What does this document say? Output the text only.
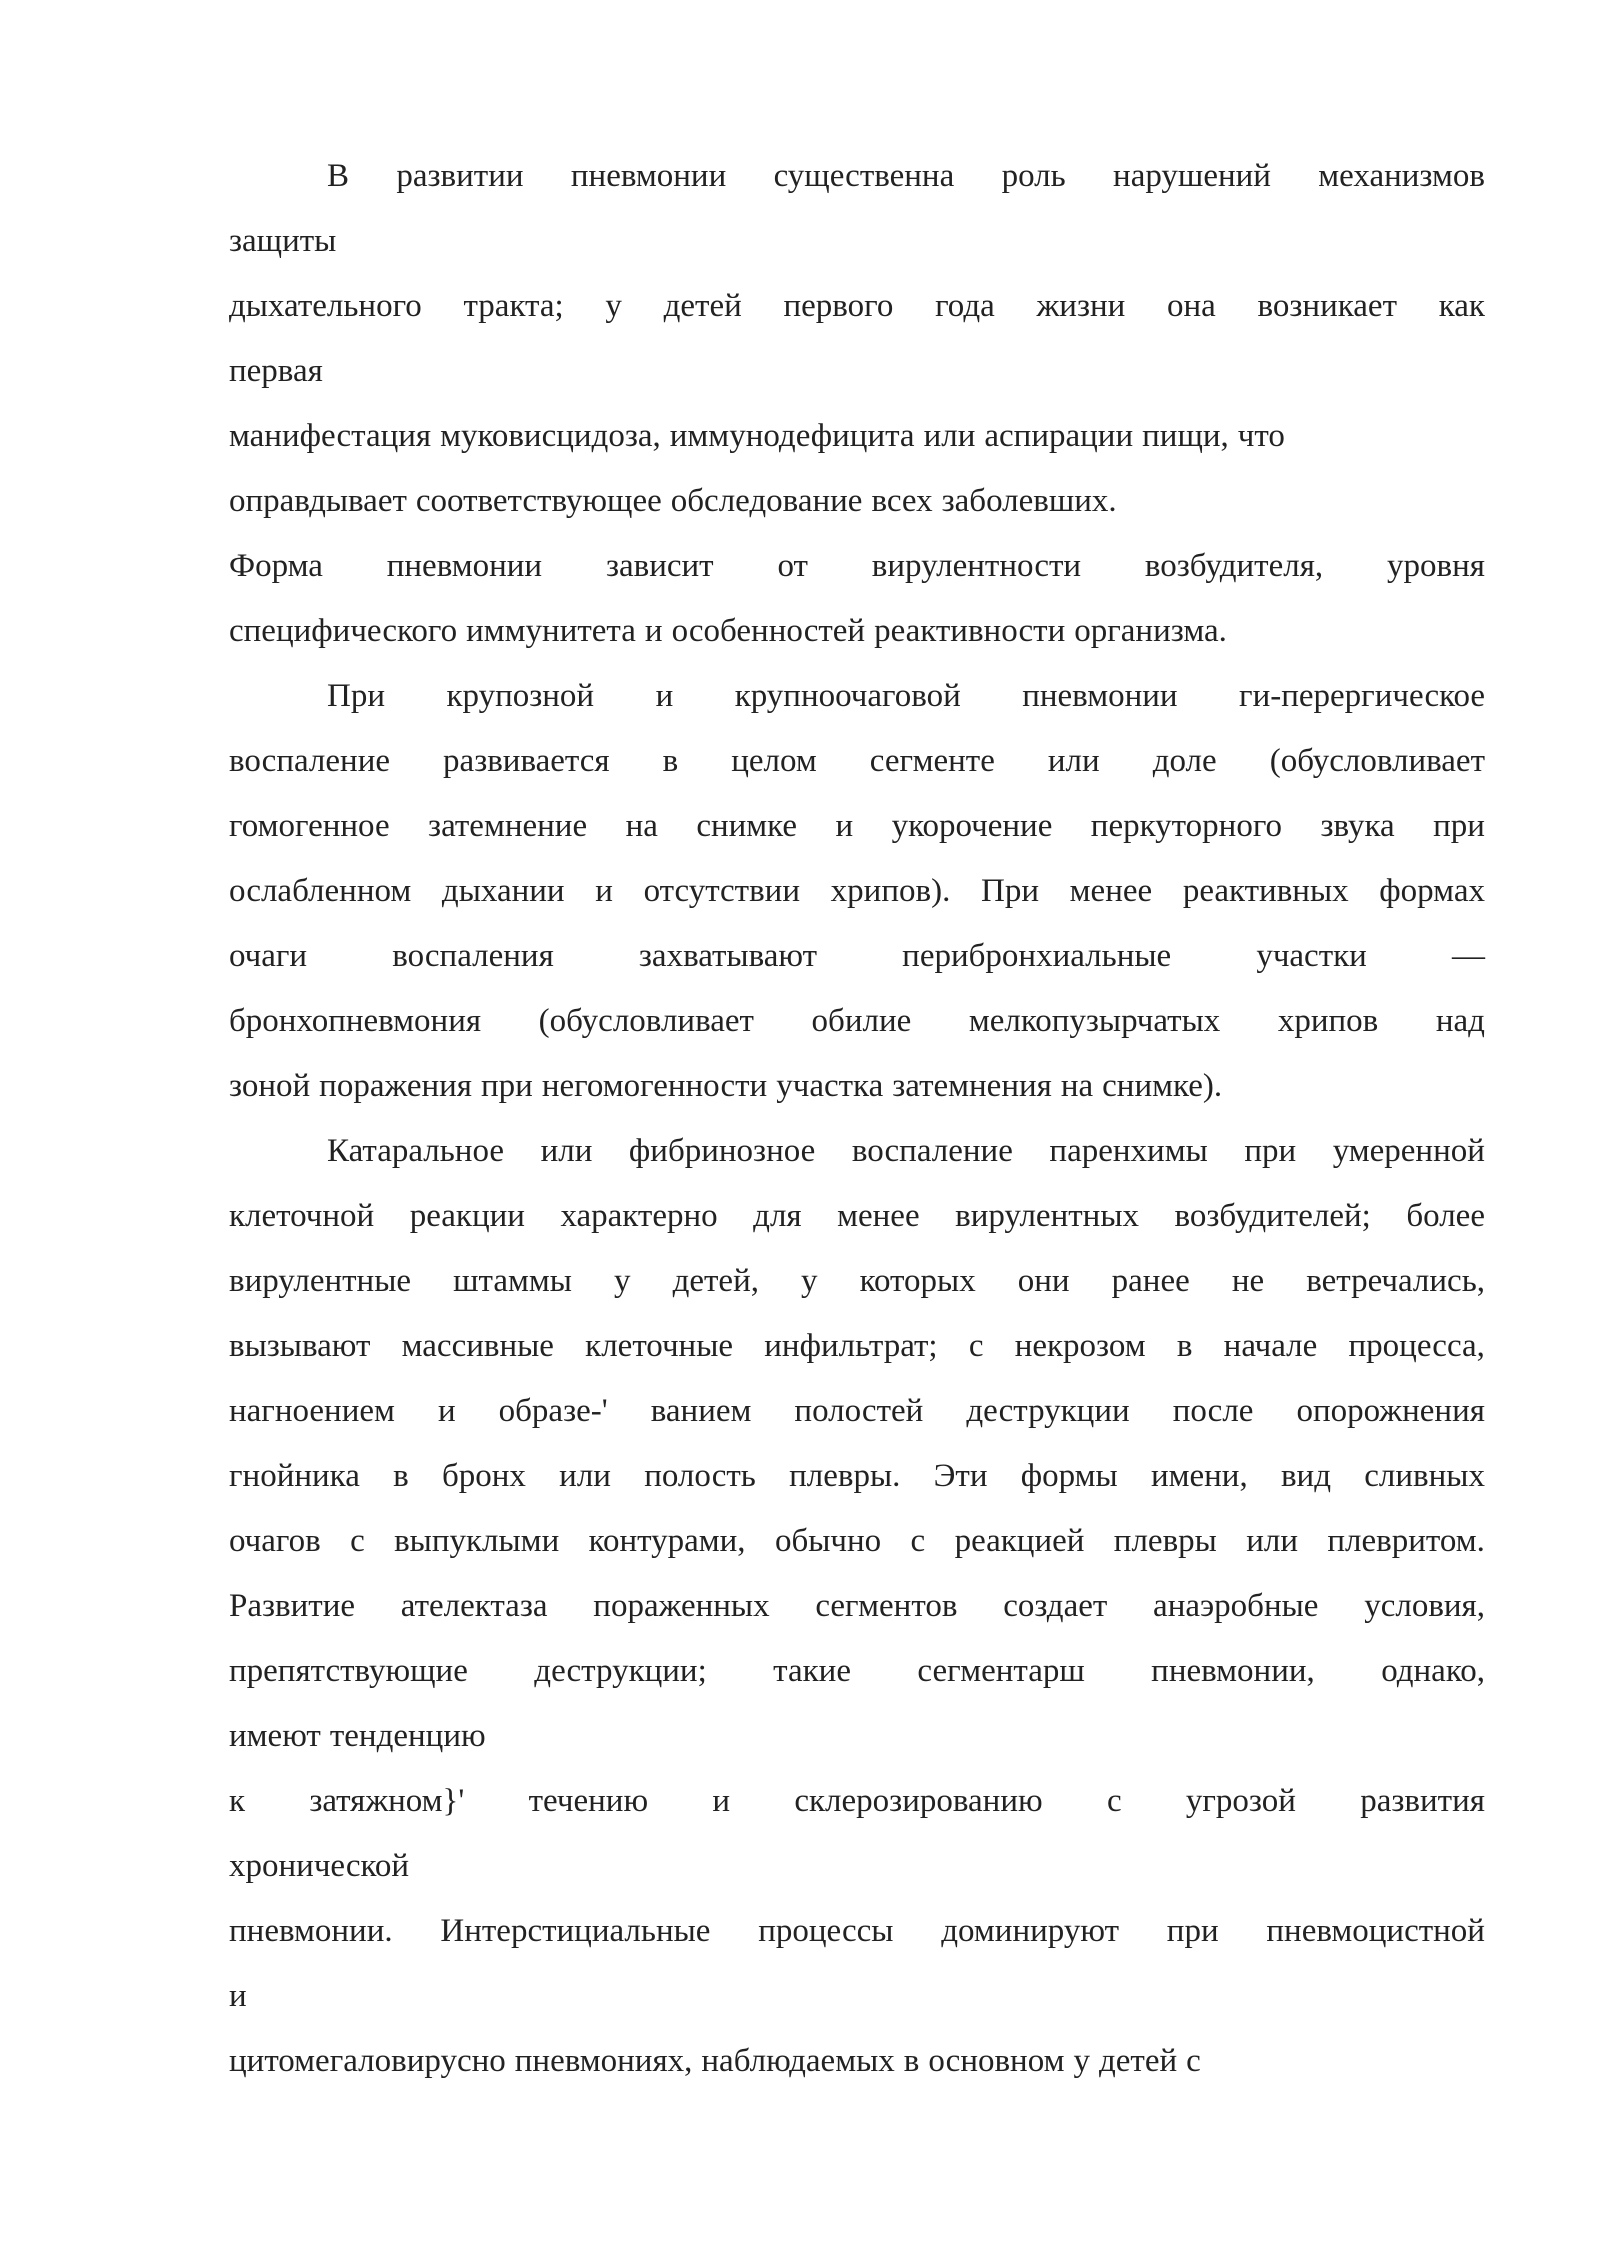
В развитии пневмонии существенна роль нарушений механизмов
защиты
дыхательного тракта; у детей первого года жизни она возникает как
первая
манифестация муковисцидоза, иммунодефицита или аспирации пищи, что
оправдывает соответствующее обследование всех заболевших.
Форма пневмонии зависит от вирулентности возбудителя, уровня
специфического иммунитета и особенностей реактивности организма.
При крупозной и крупноочаговой пневмонии ги-перергическое
воспаление развивается в целом сегменте или доле (обусловливает
гомогенное затемнение на снимке и укорочение перкуторного звука при
ослабленном дыхании и отсутствии хрипов). При менее реактивных формах
очаги	воспаления	захватывают	перибронхиальные	участки	—
бронхопневмония (обусловливает обилие мелкопузырчатых хрипов над
зоной поражения при негомогенности участка затемнения на снимке).
Катаральное или фибринозное воспаление паренхимы при умеренной
клеточной реакции характерно для менее вирулентных возбудителей; более
вирулентные штаммы у детей, у которых они ранее не ветречались,
вызывают массивные клеточные инфильтрат; с некрозом в начале процесса,
нагноением и образе-' ванием полостей деструкции после опорожнения
гнойника в бронх или полость плевры. Эти формы имени, вид сливных
очагов с выпуклыми контурами, обычно с реакцией плевры или плевритом.
Развитие ателектаза пораженных сегментов создает анаэробные условия,
препятствующие деструкции; такие сегментарш пневмонии, однако,
имеют тенденцию
к затяжном}' течению и склерозированию с угрозой развития
хронической
пневмонии. Интерстициальные процессы доминируют при пневмоцистной
и
цитомегаловирусно пневмониях, наблюдаемых в основном у детей с
